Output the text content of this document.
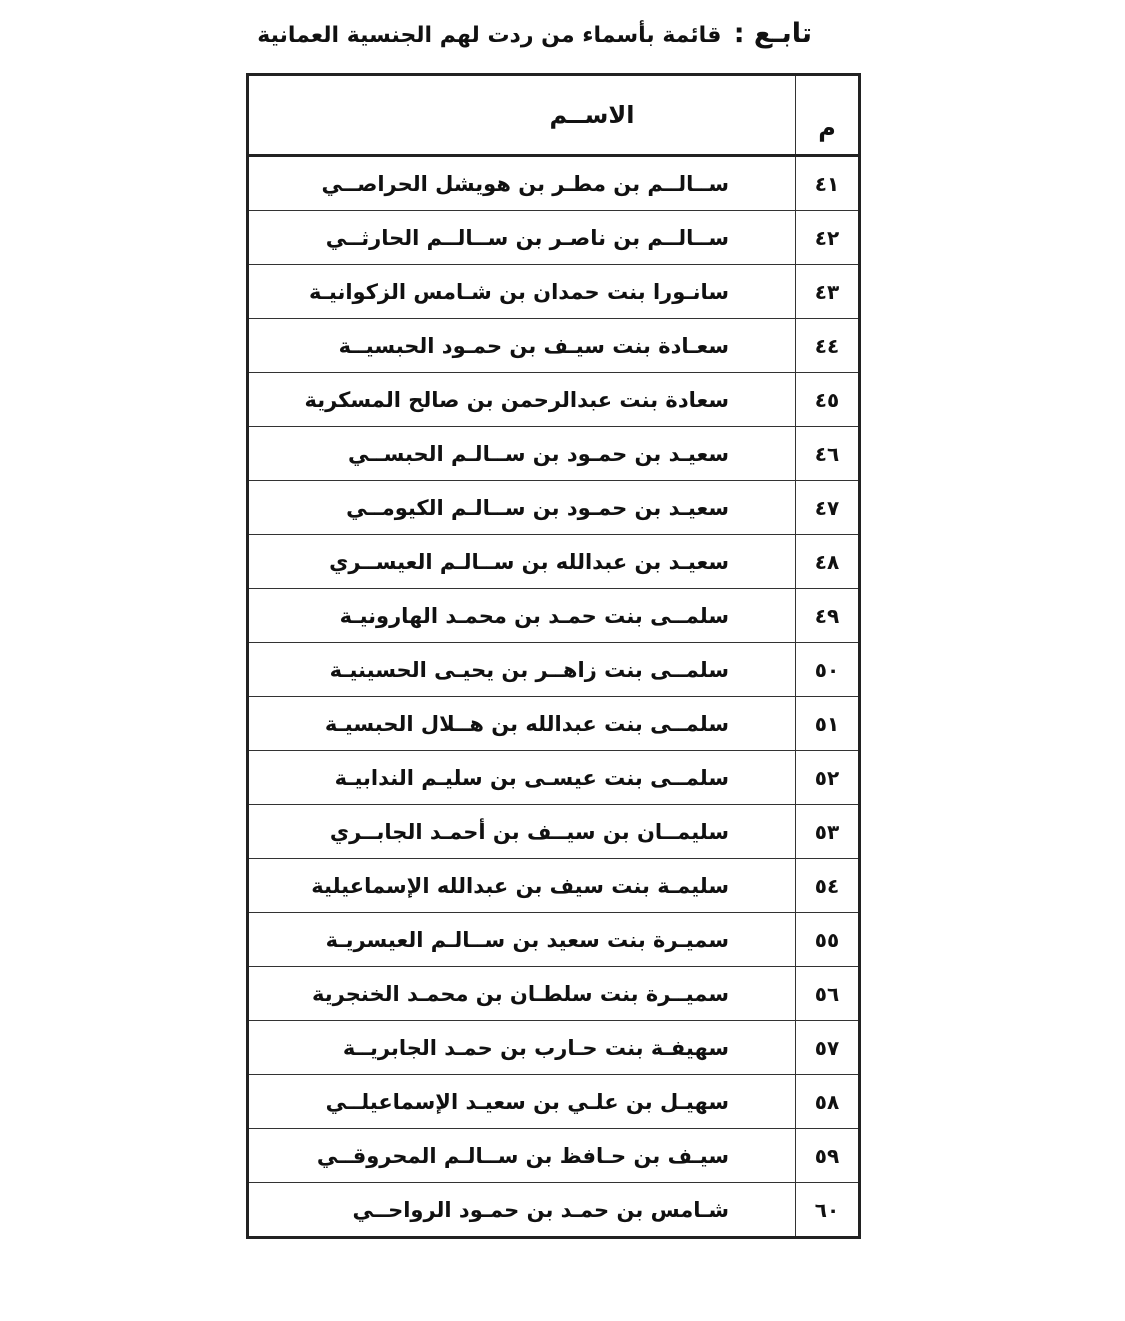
تابـع : قائمة بأسماء من ردت لهم الجنسية العمانية
م	الاســم
٤١	ســالــم بن مطـر بن هويشل الحراصــي
٤٢	ســالــم بن ناصـر بن ســالــم الحارثــي
٤٣	سانـورا بنت حمدان بن شـامس الزكوانيـة
٤٤	سعـادة بنت سيـف بن حمـود الحبسيــة
٤٥	سعادة بنت عبدالرحمن بن صالح المسكرية
٤٦	سعيـد بن حمـود بن ســالـم الحبســي
٤٧	سعيـد بن حمـود بن ســالـم الكيومــي
٤٨	سعيـد بن عبدالله بن ســالـم العيســري
٤٩	سلمــى بنت حمـد بن محمـد الهارونيـة
٥٠	سلمــى بنت زاهــر بن يحيـى الحسينيـة
٥١	سلمــى بنت عبدالله بن هــلال الحبسيـة
٥٢	سلمــى بنت عيسـى بن سليـم الندابيـة
٥٣	سليمــان بن سيــف بن أحمـد الجابــري
٥٤	سليمـة بنت سيف بن عبدالله الإسماعيلية
٥٥	سميـرة بنت سعيد بن ســالـم العيسريـة
٥٦	سميــرة بنت سلطـان بن محمـد الخنجرية
٥٧	سهيفـة بنت حـارب بن حمـد الجابريــة
٥٨	سهيـل بن علـي بن سعيـد الإسماعيلــي
٥٩	سيـف بن حـافظ بن ســالـم المحروقــي
٦٠	شـامس بن حمـد بن حمـود الرواحــي
